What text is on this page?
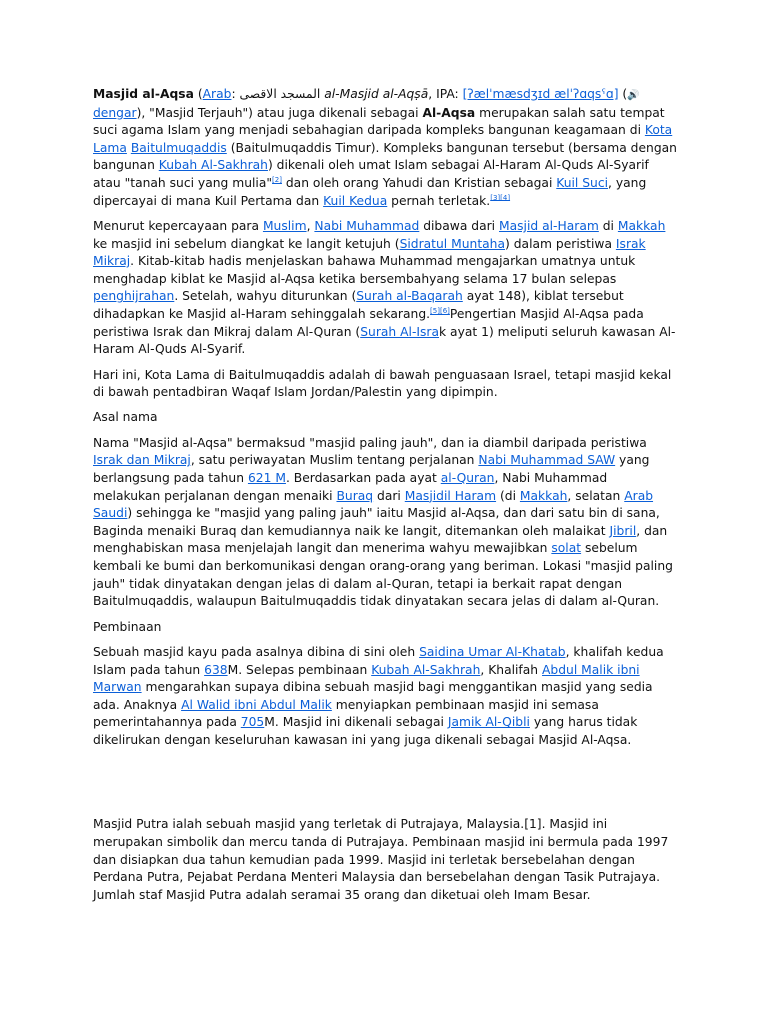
Masjid al-Aqsa (Arab: المسجد الاقصى al-Masjid al-Aqṣā, IPA: [ʔælˈmæsdʒɪd ælˈʔɑqsˤɑ] (🔊 dengar), "Masjid Terjauh") atau juga dikenali sebagai Al-Aqsa merupakan salah satu tempat suci agama Islam yang menjadi sebahagian daripada kompleks bangunan keagamaan di Kota Lama Baitulmuqaddis (Baitulmuqaddis Timur). Kompleks bangunan tersebut (bersama dengan bangunan Kubah Al-Sakhrah) dikenali oleh umat Islam sebagai Al-Haram Al-Quds Al-Syarif atau "tanah suci yang mulia"[2] dan oleh orang Yahudi dan Kristian sebagai Kuil Suci, yang dipercayai di mana Kuil Pertama dan Kuil Kedua pernah terletak.[3][4]

Menurut kepercayaan para Muslim, Nabi Muhammad dibawa dari Masjid al-Haram di Makkah ke masjid ini sebelum diangkat ke langit ketujuh (Sidratul Muntaha) dalam peristiwa Israk Mikraj. Kitab-kitab hadis menjelaskan bahawa Muhammad mengajarkan umatnya untuk menghadap kiblat ke Masjid al-Aqsa ketika bersembahyang selama 17 bulan selepas penghijrahan. Setelah, wahyu diturunkan (Surah al-Baqarah ayat 148), kiblat tersebut dihadapkan ke Masjid al-Haram sehinggalah sekarang.[5][6]Pengertian Masjid Al-Aqsa pada peristiwa Israk dan Mikraj dalam Al-Quran (Surah Al-Israk ayat 1) meliputi seluruh kawasan Al-Haram Al-Quds Al-Syarif.

Hari ini, Kota Lama di Baitulmuqaddis adalah di bawah penguasaan Israel, tetapi masjid kekal di bawah pentadbiran Waqaf Islam Jordan/Palestin yang dipimpin.

Asal nama

Nama "Masjid al-Aqsa" bermaksud "masjid paling jauh", dan ia diambil daripada peristiwa Israk dan Mikraj, satu periwayatan Muslim tentang perjalanan Nabi Muhammad SAW yang berlangsung pada tahun 621 M. Berdasarkan pada ayat al-Quran, Nabi Muhammad melakukan perjalanan dengan menaiki Buraq dari Masjidil Haram (di Makkah, selatan Arab Saudi) sehingga ke "masjid yang paling jauh" iaitu Masjid al-Aqsa, dan dari satu bin di sana, Baginda menaiki Buraq dan kemudiannya naik ke langit, ditemankan oleh malaikat Jibril, dan menghabiskan masa menjelajah langit dan menerima wahyu mewajibkan solat sebelum kembali ke bumi dan berkomunikasi dengan orang-orang yang beriman. Lokasi "masjid paling jauh" tidak dinyatakan dengan jelas di dalam al-Quran, tetapi ia berkait rapat dengan Baitulmuqaddis, walaupun Baitulmuqaddis tidak dinyatakan secara jelas di dalam al-Quran.

Pembinaan

Sebuah masjid kayu pada asalnya dibina di sini oleh Saidina Umar Al-Khatab, khalifah kedua Islam pada tahun 638M. Selepas pembinaan Kubah Al-Sakhrah, Khalifah Abdul Malik ibni Marwan mengarahkan supaya dibina sebuah masjid bagi menggantikan masjid yang sedia ada. Anaknya Al Walid ibni Abdul Malik menyiapkan pembinaan masjid ini semasa pemerintahannya pada 705M. Masjid ini dikenali sebagai Jamik Al-Qibli yang harus tidak dikelirukan dengan keseluruhan kawasan ini yang juga dikenali sebagai Masjid Al-Aqsa.

Masjid Putra ialah sebuah masjid yang terletak di Putrajaya, Malaysia.[1]. Masjid ini merupakan simbolik dan mercu tanda di Putrajaya. Pembinaan masjid ini bermula pada 1997 dan disiapkan dua tahun kemudian pada 1999. Masjid ini terletak bersebelahan dengan Perdana Putra, Pejabat Perdana Menteri Malaysia dan bersebelahan dengan Tasik Putrajaya. Jumlah staf Masjid Putra adalah seramai 35 orang dan diketuai oleh Imam Besar.
